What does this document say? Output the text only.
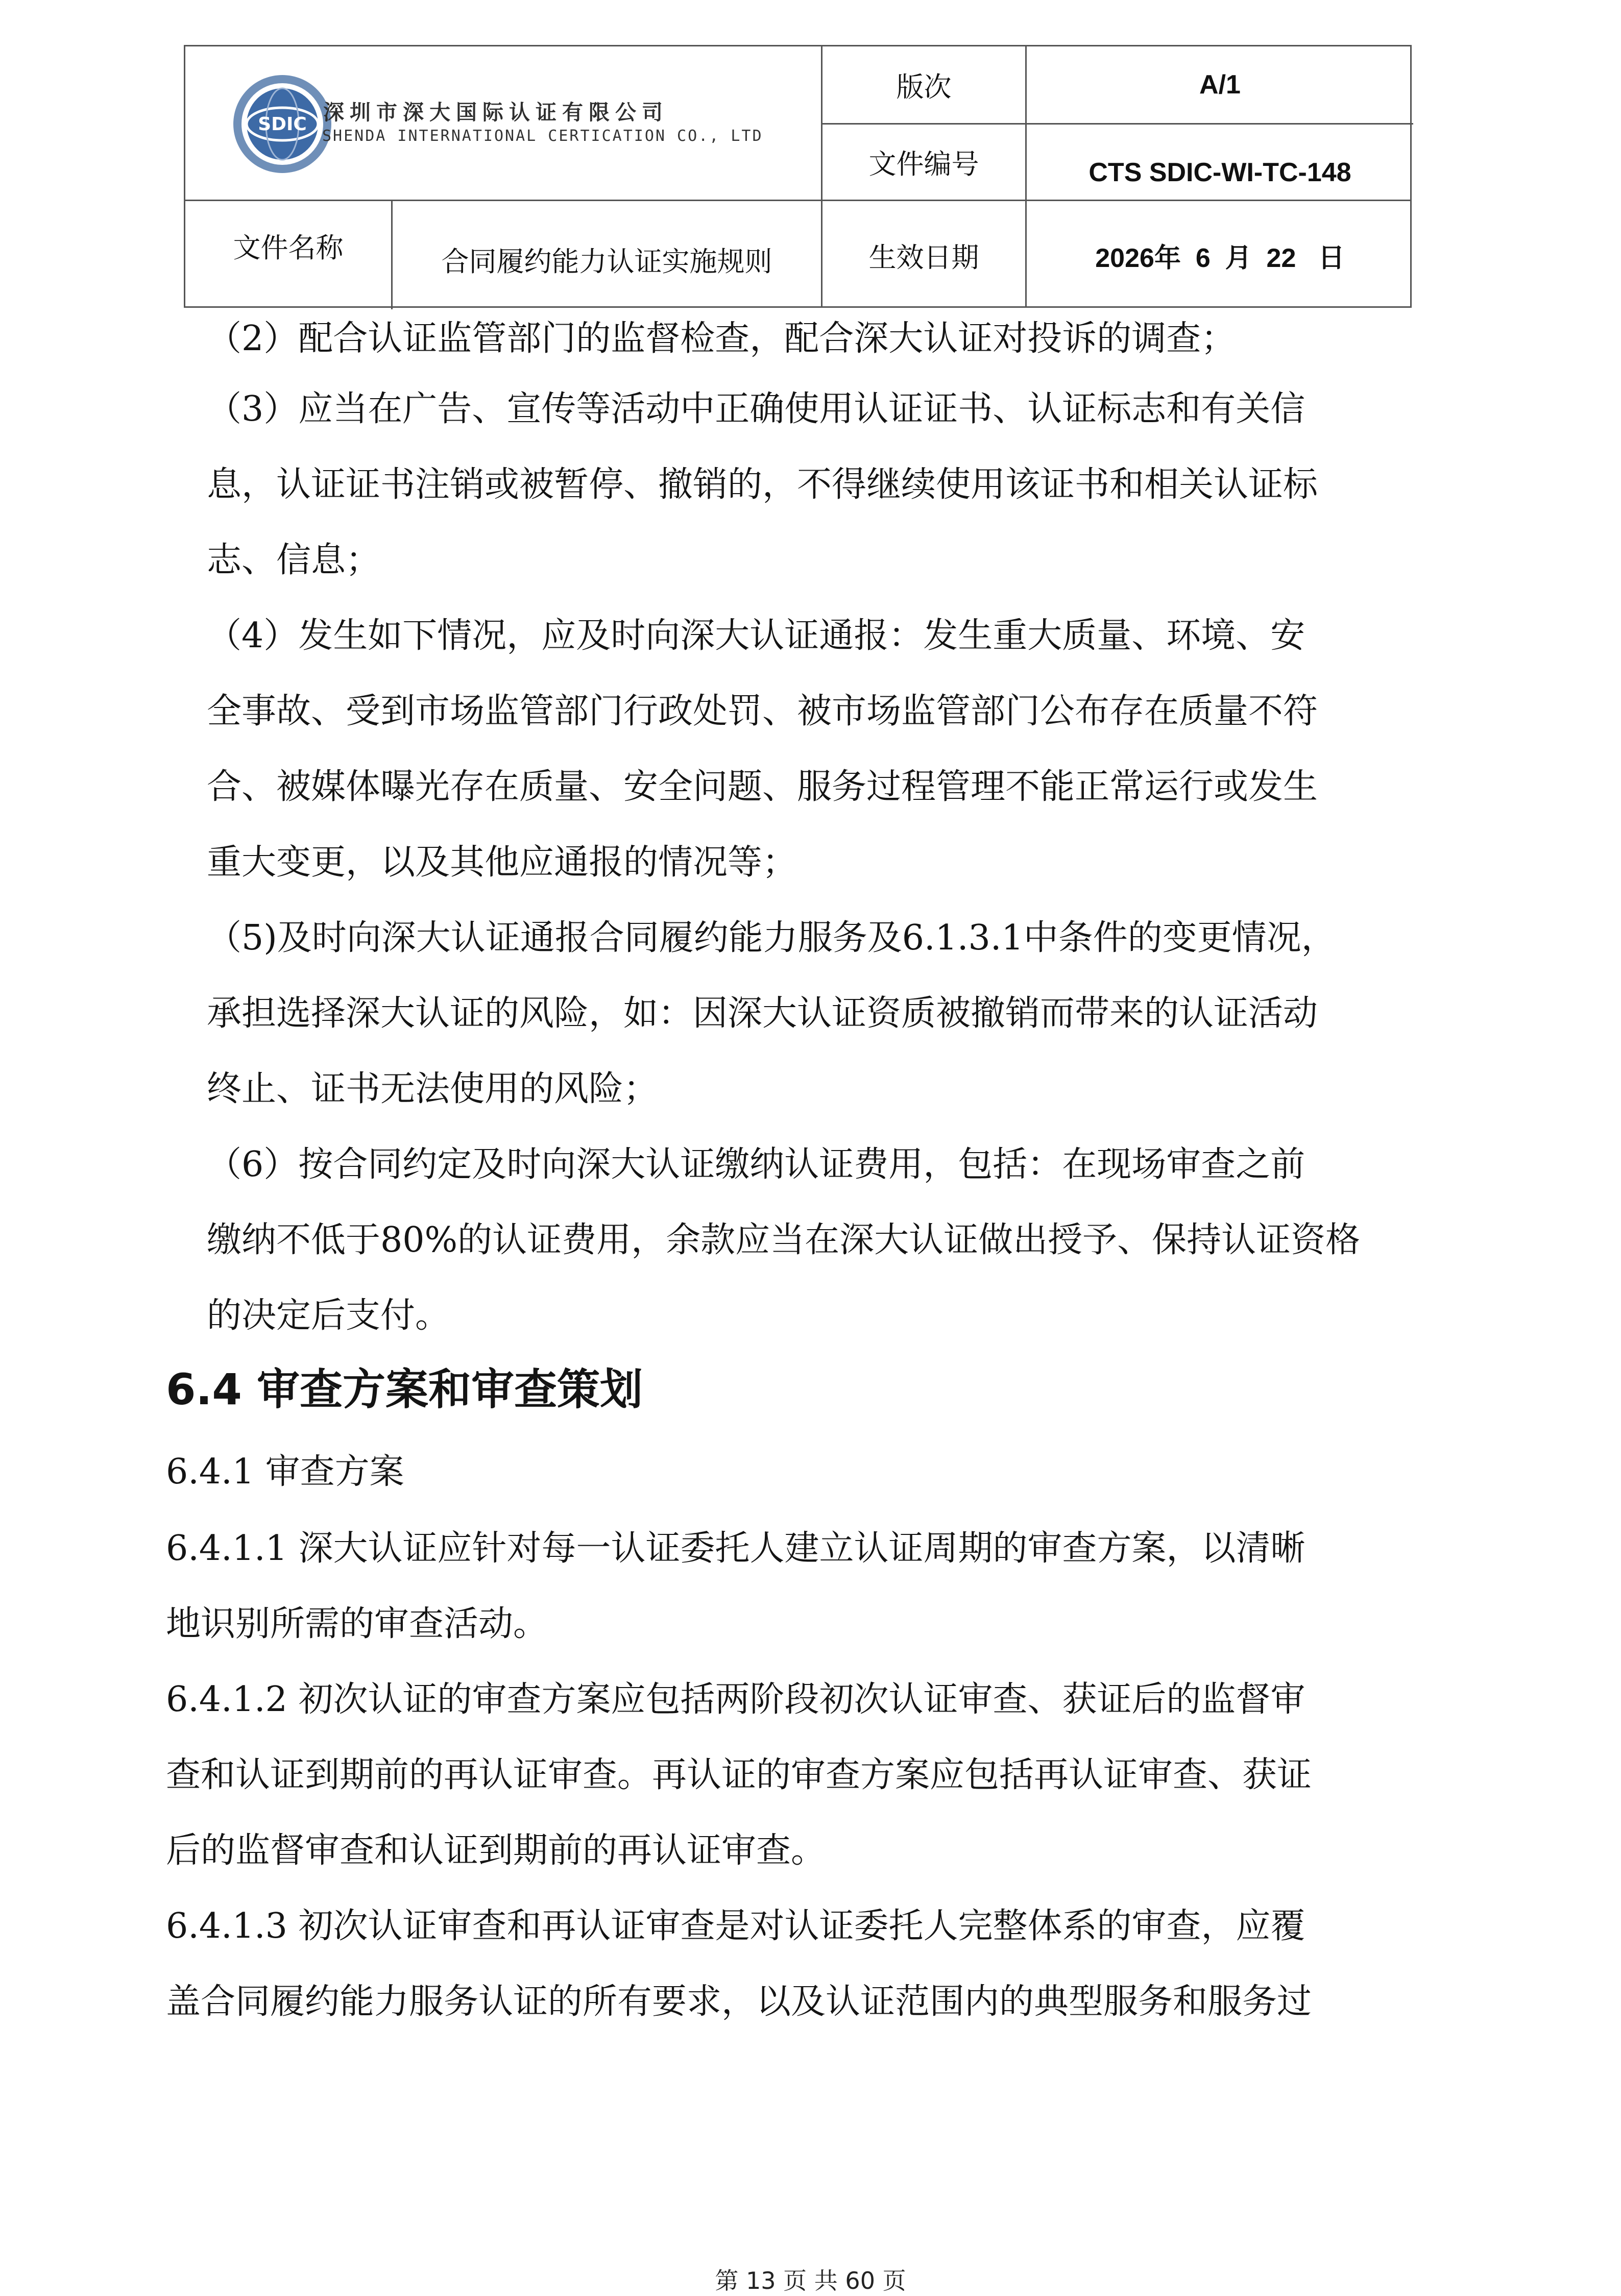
SDIC 深圳市深大国际认证有限公司
SHENDA INTERNATIONAL CERTICATION CO., LTD
版次	A/1
文件编号	CTS SDIC-WI-TC-148
文件名称	合同履约能力认证实施规则	生效日期	2026年  6  月  22   日

（2）配合认证监管部门的监督检查，配合深大认证对投诉的调查；

（3）应当在广告、宣传等活动中正确使用认证证书、认证标志和有关信
息，认证证书注销或被暂停、撤销的，不得继续使用该证书和相关认证标
志、信息；

（4）发生如下情况，应及时向深大认证通报：发生重大质量、环境、安
全事故、受到市场监管部门行政处罚、被市场监管部门公布存在质量不符
合、被媒体曝光存在质量、安全问题、服务过程管理不能正常运行或发生
重大变更，以及其他应通报的情况等；

（5)及时向深大认证通报合同履约能力服务及6.1.3.1中条件的变更情况，
承担选择深大认证的风险，如：因深大认证资质被撤销而带来的认证活动
终止、证书无法使用的风险；

（6）按合同约定及时向深大认证缴纳认证费用，包括：在现场审查之前
缴纳不低于80%的认证费用，余款应当在深大认证做出授予、保持认证资格
的决定后支付。

6.4 审查方案和审查策划

6.4.1 审查方案

6.4.1.1 深大认证应针对每一认证委托人建立认证周期的审查方案，以清晰
地识别所需的审查活动。

6.4.1.2 初次认证的审查方案应包括两阶段初次认证审查、获证后的监督审
查和认证到期前的再认证审查。再认证的审查方案应包括再认证审查、获证
后的监督审查和认证到期前的再认证审查。

6.4.1.3 初次认证审查和再认证审查是对认证委托人完整体系的审查，应覆
盖合同履约能力服务认证的所有要求，以及认证范围内的典型服务和服务过

第 13 页 共 60 页
